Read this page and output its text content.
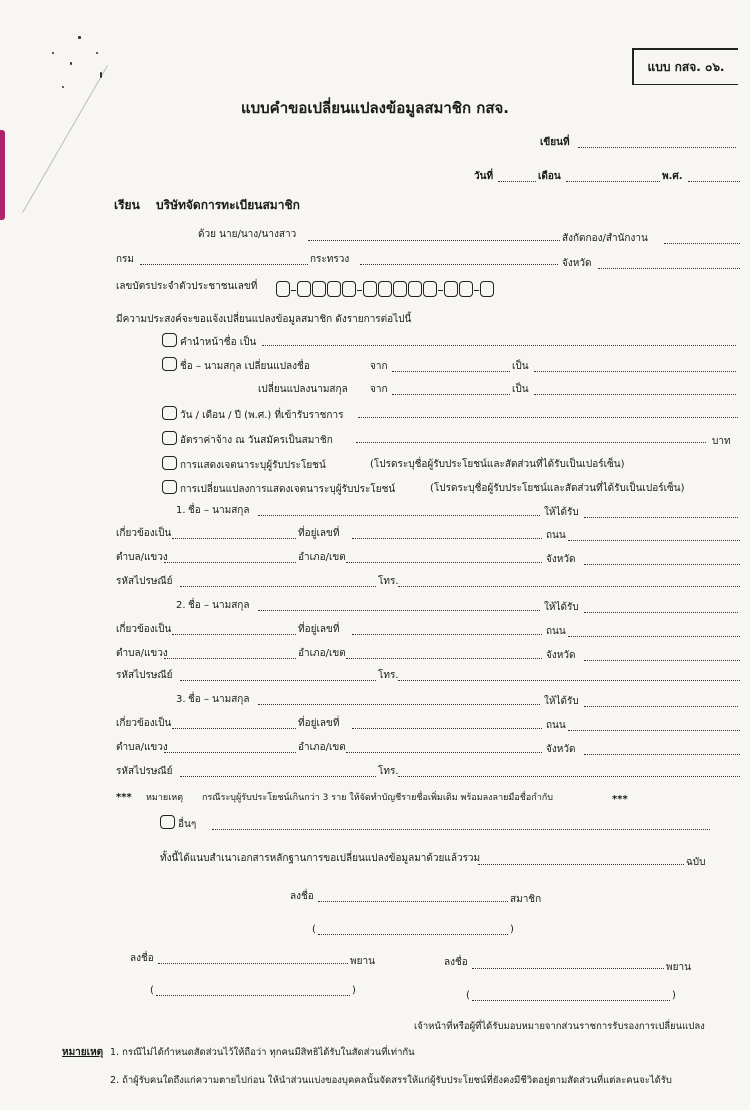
แบบ กสจ. ๐๖.
แบบคำขอเปลี่ยนแปลงข้อมูลสมาชิก กสจ.
เขียนที่
วันที่	เดือน	พ.ศ.
เรียน บริษัทจัดการทะเบียนสมาชิก
ด้วย นาย/นาง/นางสาว	สังกัดกอง/สำนักงาน
กรม	กระทรวง	จังหวัด
เลขบัตรประจำตัวประชาชนเลขที่
มีความประสงค์จะขอแจ้งเปลี่ยนแปลงข้อมูลสมาชิก ดังรายการต่อไปนี้
คำนำหน้าชื่อ เป็น
ชื่อ – นามสกุล เปลี่ยนแปลงชื่อ	จาก	เป็น
เปลี่ยนแปลงนามสกุล จาก	เป็น
วัน / เดือน / ปี (พ.ศ.) ที่เข้ารับราชการ
อัตราค่าจ้าง ณ วันสมัครเป็นสมาชิก	บาท
การแสดงเจตนาระบุผู้รับประโยชน์	(โปรดระบุชื่อผู้รับประโยชน์และสัดส่วนที่ได้รับเป็นเปอร์เซ็น)
การเปลี่ยนแปลงการแสดงเจตนาระบุผู้รับประโยชน์	(โปรดระบุชื่อผู้รับประโยชน์และสัดส่วนที่ได้รับเป็นเปอร์เซ็น)
1. ชื่อ – นามสกุล	ให้ได้รับ
เกี่ยวข้องเป็น	ที่อยู่เลขที่	ถนน
ตำบล/แขวง	อำเภอ/เขต	จังหวัด
รหัสไปรษณีย์	โทร.
2. ชื่อ – นามสกุล	ให้ได้รับ
เกี่ยวข้องเป็น	ที่อยู่เลขที่	ถนน
ตำบล/แขวง	อำเภอ/เขต	จังหวัด
รหัสไปรษณีย์	โทร.
3. ชื่อ – นามสกุล	ให้ได้รับ
เกี่ยวข้องเป็น	ที่อยู่เลขที่	ถนน
ตำบล/แขวง	อำเภอ/เขต	จังหวัด
รหัสไปรษณีย์	โทร.
*** หมายเหตุ กรณีระบุผู้รับประโยชน์เกินกว่า 3 ราย ให้จัดทำบัญชีรายชื่อเพิ่มเติม พร้อมลงลายมือชื่อกำกับ	***
อื่นๆ
ทั้งนี้ได้แนบสำเนาเอกสารหลักฐานการขอเปลี่ยนแปลงข้อมูลมาด้วยแล้วรวม	ฉบับ
ลงชื่อ	สมาชิก
(	)
ลงชื่อ	พยาน	ลงชื่อ	พยาน
(	)	(	)
เจ้าหน้าที่หรือผู้ที่ได้รับมอบหมายจากส่วนราชการรับรองการเปลี่ยนแปลง
หมายเหตุ 1. กรณีไม่ได้กำหนดสัดส่วนไว้ให้ถือว่า ทุกคนมีสิทธิได้รับในสัดส่วนที่เท่ากัน
2. ถ้าผู้รับคนใดถึงแก่ความตายไปก่อน ให้นำส่วนแบ่งของบุคคลนั้นจัดสรรให้แก่ผู้รับประโยชน์ที่ยังคงมีชีวิตอยู่ตามสัดส่วนที่แต่ละคนจะได้รับ
